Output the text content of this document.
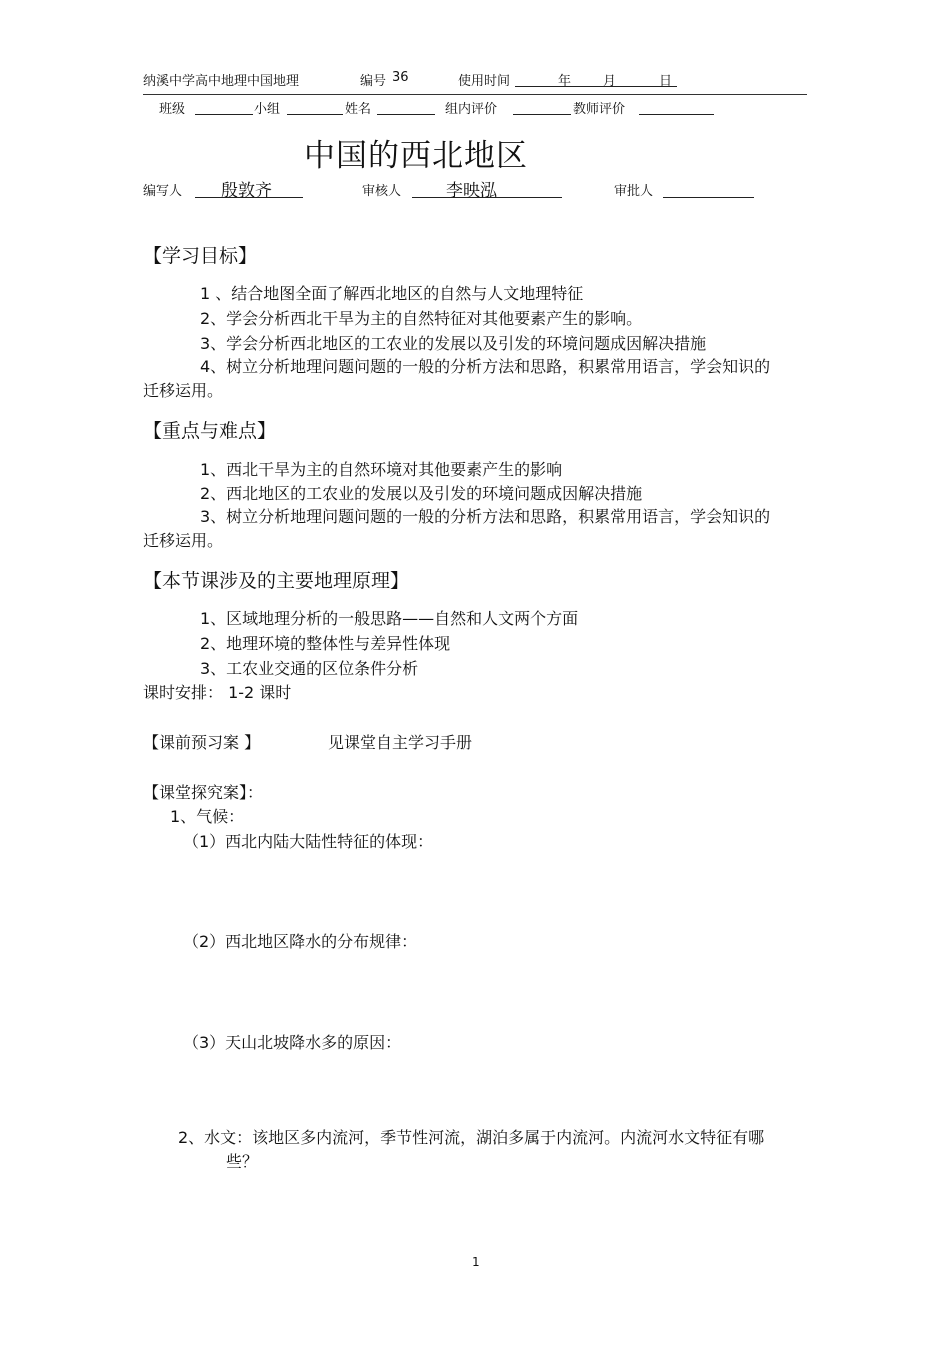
纳溪中学高中地理中国地理	编号 36	使用时间	年 月	日
班级	小组	姓名	组内评价	教师评价
中国的西北地区
编写人 殷敦齐	审核人	李映泓	审批人
【学习目标】
1 、结合地图全面了解西北地区的自然与人文地理特征
2、学会分析西北干旱为主的自然特征对其他要素产生的影响。
3、学会分析西北地区的工农业的发展以及引发的环境问题成因解决措施
4、树立分析地理问题问题的一般的分析方法和思路，积累常用语言，学会知识的迁移运用。
【重点与难点】
1、西北干旱为主的自然环境对其他要素产生的影响
2、西北地区的工农业的发展以及引发的环境问题成因解决措施
3、树立分析地理问题问题的一般的分析方法和思路，积累常用语言，学会知识的迁移运用。
【本节课涉及的主要地理原理】
1、区域地理分析的一般思路——自然和人文两个方面
2、地理环境的整体性与差异性体现
3、工农业交通的区位条件分析
课时安排： 1-2 课时
【课前预习案 】	见课堂自主学习手册
【课堂探究案】：
1、气候：
（1）西北内陆大陆性特征的体现：
（2）西北地区降水的分布规律：
（3）天山北坡降水多的原因：
2、水文：该地区多内流河，季节性河流，湖泊多属于内流河。内流河水文特征有哪些？
1
